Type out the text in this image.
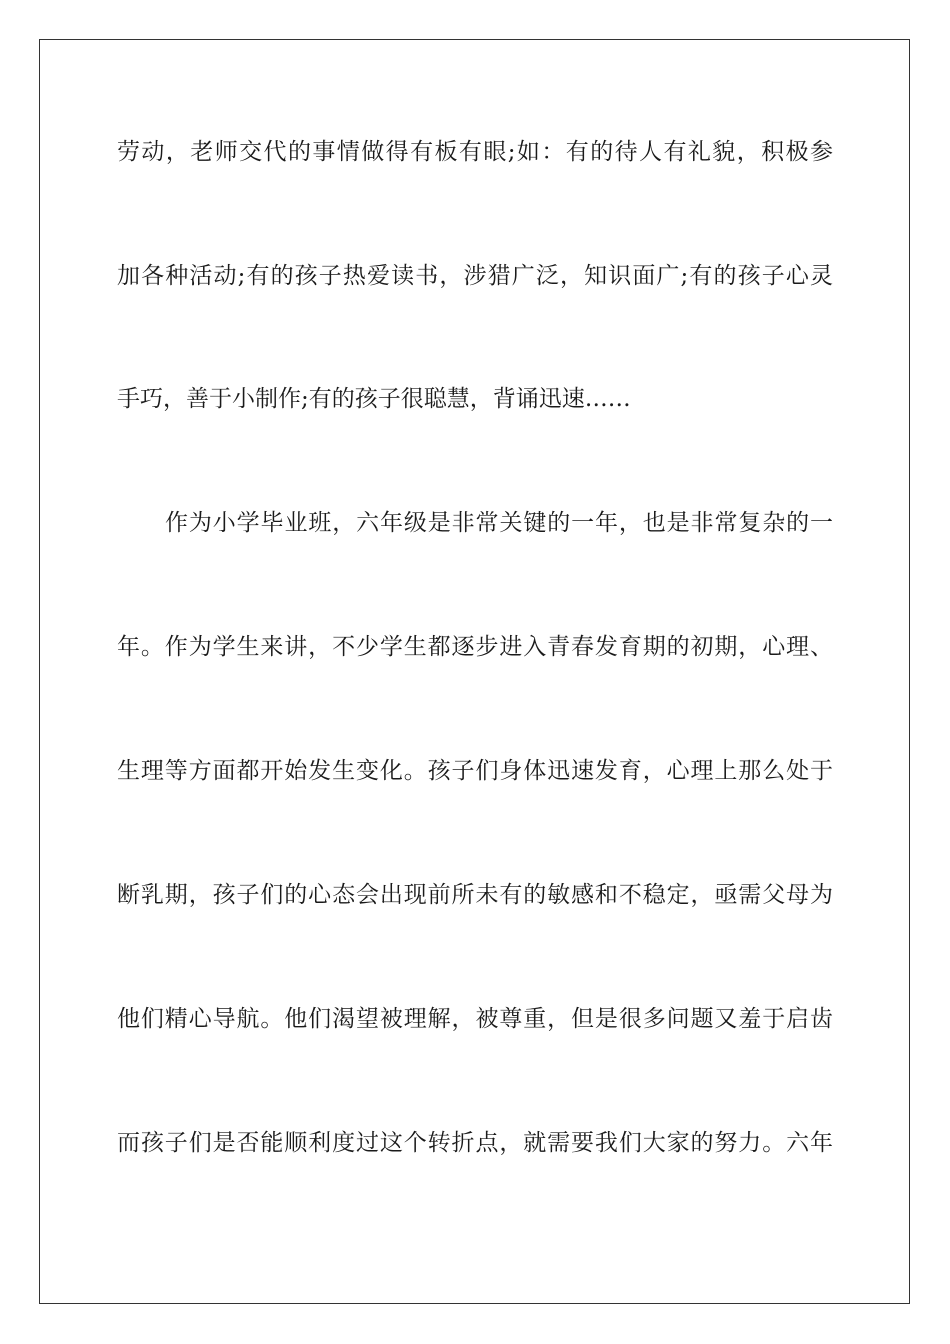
劳动，老师交代的事情做得有板有眼;如：有的待人有礼貌，积极参
加各种活动;有的孩子热爱读书，涉猎广泛，知识面广;有的孩子心灵
手巧，善于小制作;有的孩子很聪慧，背诵迅速……
作为小学毕业班，六年级是非常关键的一年，也是非常复杂的一
年。作为学生来讲，不少学生都逐步进入青春发育期的初期，心理、
生理等方面都开始发生变化。孩子们身体迅速发育，心理上那么处于
断乳期，孩子们的心态会出现前所未有的敏感和不稳定，亟需父母为
他们精心导航。他们渴望被理解，被尊重，但是很多问题又羞于启齿
而孩子们是否能顺利度过这个转折点，就需要我们大家的努力。六年
